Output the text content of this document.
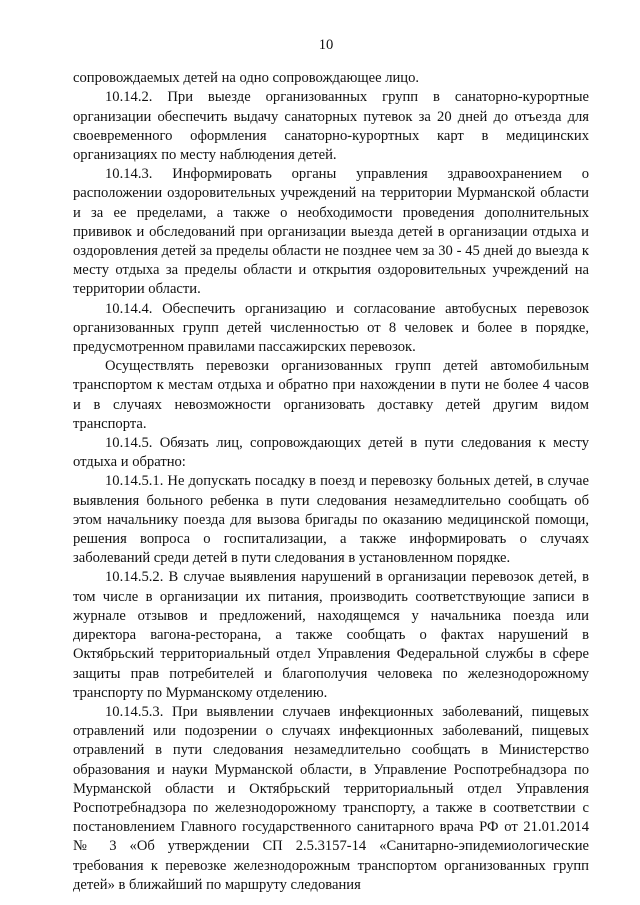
10

сопровождаемых детей на одно сопровождающее лицо.

10.14.2. При выезде организованных групп в санаторно-курортные организации обеспечить выдачу санаторных путевок за 20 дней до отъезда для своевременного оформления санаторно-курортных карт в медицинских организациях по месту наблюдения детей.

10.14.3. Информировать органы управления здравоохранением о расположении оздоровительных учреждений на территории Мурманской области и за ее пределами, а также о необходимости проведения дополнительных прививок и обследований при организации выезда детей в организации отдыха и оздоровления детей за пределы области не позднее чем за 30 - 45 дней до выезда к месту отдыха за пределы области и открытия оздоровительных учреждений на территории области.

10.14.4. Обеспечить организацию и согласование автобусных перевозок организованных групп детей численностью от 8 человек и более в порядке, предусмотренном правилами пассажирских перевозок.

Осуществлять перевозки организованных групп детей автомобильным транспортом к местам отдыха и обратно при нахождении в пути не более 4 часов и в случаях невозможности организовать доставку детей другим видом транспорта.

10.14.5. Обязать лиц, сопровождающих детей в пути следования к месту отдыха и обратно:

10.14.5.1. Не допускать посадку в поезд и перевозку больных детей, в случае выявления больного ребенка в пути следования незамедлительно сообщать об этом начальнику поезда для вызова бригады по оказанию медицинской помощи, решения вопроса о госпитализации, а также информировать о случаях заболеваний среди детей в пути следования в установленном порядке.

10.14.5.2. В случае выявления нарушений в организации перевозок детей, в том числе в организации их питания, производить соответствующие записи в журнале отзывов и предложений, находящемся у начальника поезда или директора вагона-ресторана, а также сообщать о фактах нарушений в Октябрьский территориальный отдел Управления Федеральной службы в сфере защиты прав потребителей и благополучия человека по железнодорожному транспорту по Мурманскому отделению.

10.14.5.3. При выявлении случаев инфекционных заболеваний, пищевых отравлений или подозрении о случаях инфекционных заболеваний, пищевых отравлений в пути следования незамедлительно сообщать в Министерство образования и науки Мурманской области, в Управление Роспотребнадзора по Мурманской области и Октябрьский территориальный отдел Управления Роспотребнадзора по железнодорожному транспорту, а также в соответствии с постановлением Главного государственного санитарного врача РФ от 21.01.2014 № 3 «Об утверждении СП 2.5.3157-14 «Санитарно-эпидемиологические требования к перевозке железнодорожным транспортом организованных групп детей» в ближайший по маршруту следования
